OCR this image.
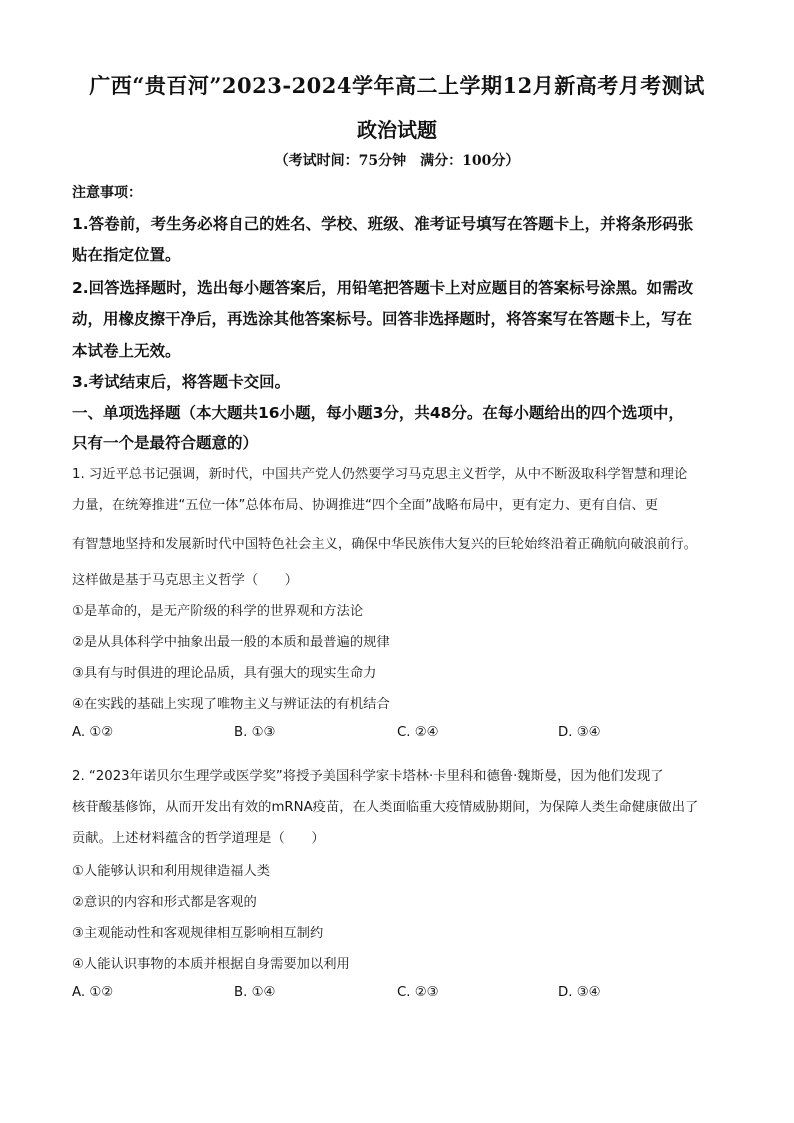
广西“贵百河”2023-2024学年高二上学期12月新高考月考测试
政治试题
（考试时间：75分钟　满分：100分）
注意事项：
1.答卷前，考生务必将自己的姓名、学校、班级、准考证号填写在答题卡上，并将条形码张
贴在指定位置。
2.回答选择题时，选出每小题答案后，用铅笔把答题卡上对应题目的答案标号涂黑。如需改
动，用橡皮擦干净后，再选涂其他答案标号。回答非选择题时，将答案写在答题卡上，写在
本试卷上无效。
3.考试结束后，将答题卡交回。
一、单项选择题（本大题共16小题，每小题3分，共48分。在每小题给出的四个选项中，
只有一个是最符合题意的）
1. 习近平总书记强调，新时代，中国共产党人仍然要学习马克思主义哲学，从中不断汲取科学智慧和理论
力量，在统筹推进“五位一体”总体布局、协调推进“四个全面”战略布局中，更有定力、更有自信、更
有智慧地坚持和发展新时代中国特色社会主义，确保中华民族伟大复兴的巨轮始终沿着正确航向破浪前行。
这样做是基于马克思主义哲学（　　）
①是革命的，是无产阶级的科学的世界观和方法论
②是从具体科学中抽象出最一般的本质和最普遍的规律
③具有与时俱进的理论品质，具有强大的现实生命力
④在实践的基础上实现了唯物主义与辨证法的有机结合
A. ①②	B. ①③	C. ②④	D. ③④
2. “2023年诺贝尔生理学或医学奖”将授予美国科学家卡塔林·卡里科和德鲁·魏斯曼，因为他们发现了
核苷酸基修饰，从而开发出有效的mRNA疫苗，在人类面临重大疫情威胁期间，为保障人类生命健康做出了
贡献。上述材料蕴含的哲学道理是（　　）
①人能够认识和利用规律造福人类
②意识的内容和形式都是客观的
③主观能动性和客观规律相互影响相互制约
④人能认识事物的本质并根据自身需要加以利用
A. ①②	B. ①④	C. ②③	D. ③④
